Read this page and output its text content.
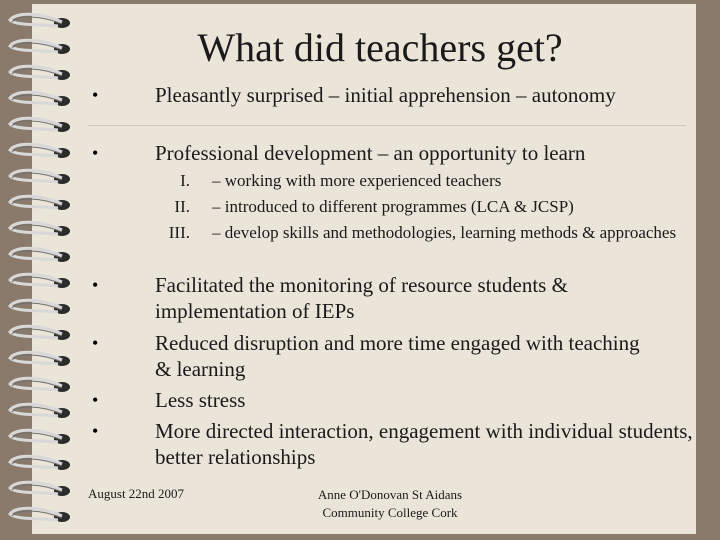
What did teachers get?
•	Pleasantly surprised – initial apprehension – autonomy
•	Professional development – an opportunity to learn
I. – working with more experienced teachers
II. – introduced to different programmes (LCA & JCSP)
III. – develop skills and methodologies, learning methods & approaches
•	Facilitated the monitoring of resource students & implementation of IEPs
•	Reduced disruption and more time engaged with teaching & learning
•	Less stress
•	More directed interaction, engagement with individual students, better relationships
August 22nd 2007	Anne O'Donovan St Aidans
Community College Cork
